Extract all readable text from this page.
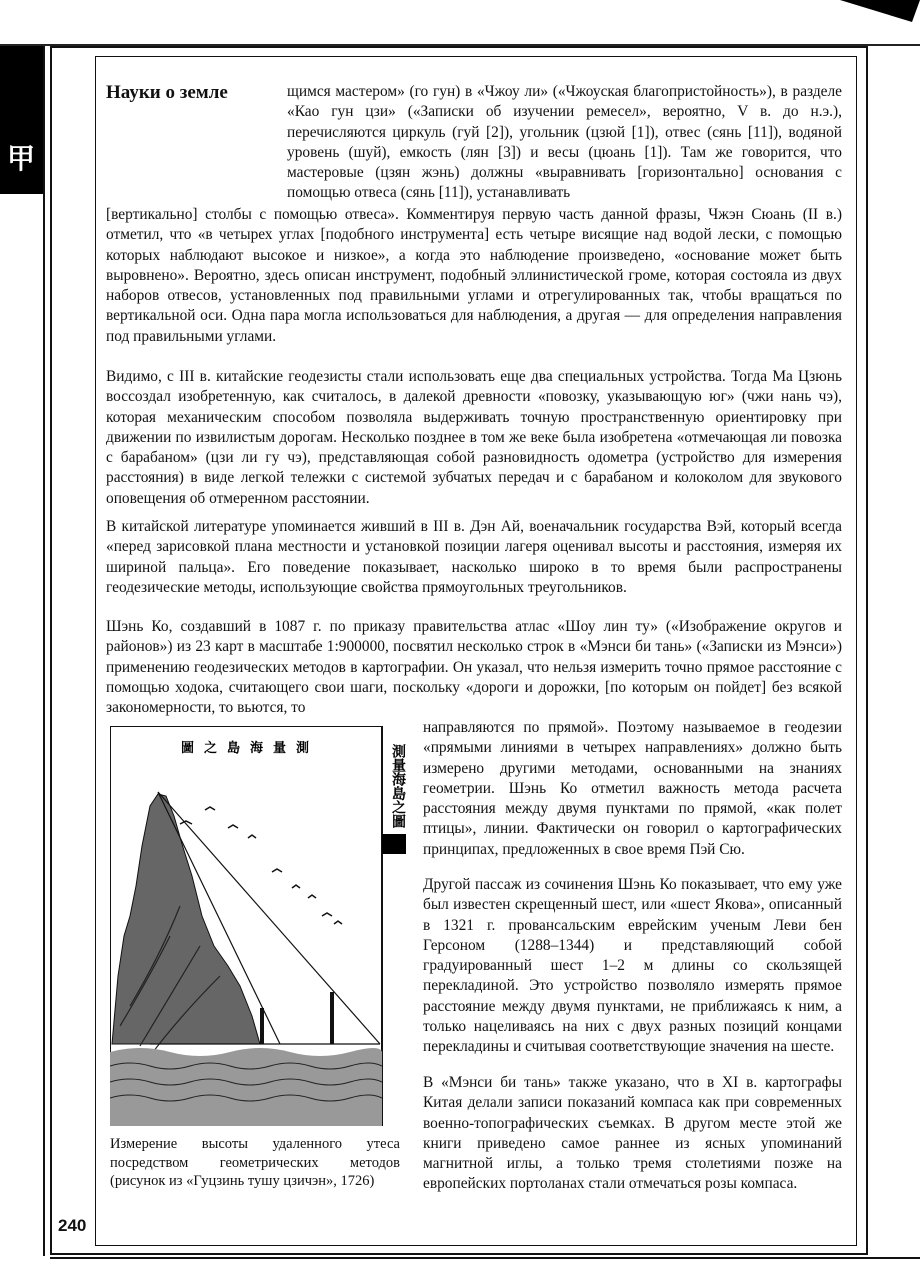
甲
240
Науки о земле	щимся мастером» (го гун) в «Чжоу ли» («Чжоуская благопристойность»), в разделе «Као гун цзи» («Записки об изучении ремесел», вероятно, V в. до н.э.), перечисляются циркуль (гуй [2]), угольник (цзюй [1]), отвес (сянь [11]), водяной уровень (шуй), емкость (лян [3]) и весы (цюань [1]). Там же говорится, что мастеровые (цзян жэнь) должны «выравнивать [горизонтально] основания с помощью отвеса (сянь [11]), устанавливать

[вертикально] столбы с помощью отвеса». Комментируя первую часть данной фразы, Чжэн Сюань (II в.) отметил, что «в четырех углах [подобного инструмента] есть четыре висящие над водой лески, с помощью которых наблюдают высокое и низкое», а когда это наблюдение произведено, «основание может быть выровнено». Вероятно, здесь описан инструмент, подобный эллинистической громе, которая состояла из двух наборов отвесов, установленных под правильными углами и отрегулированных так, чтобы вращаться по вертикальной оси. Одна пара могла использоваться для наблюдения, а другая — для определения направления под правильными углами.

Видимо, с III в. китайские геодезисты стали использовать еще два специальных устройства. Тогда Ма Цзюнь воссоздал изобретенную, как считалось, в далекой древности «повозку, указывающую юг» (чжи нань чэ), которая механическим способом позволяла выдерживать точную пространственную ориентировку при движении по извилистым дорогам. Несколько позднее в том же веке была изобретена «отмечающая ли повозка с барабаном» (цзи ли гу чэ), представляющая собой разновидность одометра (устройство для измерения расстояния) в виде легкой тележки с системой зубчатых передач и с барабаном и колоколом для звукового оповещения об отмеренном расстоянии.

В китайской литературе упоминается живший в III в. Дэн Ай, военачальник государства Вэй, который всегда «перед зарисовкой плана местности и установкой позиции лагеря оценивал высоты и расстояния, измеряя их шириной пальца». Его поведение показывает, насколько широко в то время были распространены геодезические методы, использующие свойства прямоугольных треугольников.

Шэнь Ко, создавший в 1087 г. по приказу правительства атлас «Шоу лин ту» («Изображение округов и районов») из 23 карт в масштабе 1:900000, посвятил несколько строк в «Мэнси би тань» («Записки из Мэнси») применению геодезических методов в картографии. Он указал, что нельзя измерить точно прямое расстояние с помощью ходока, считающего свои шаги, поскольку «дороги и дорожки, [по которым он пойдет] без всякой закономерности, то вьются, то

направляются по прямой». Поэтому называемое в геодезии «прямыми линиями в четырех направлениях» должно быть измерено другими методами, основанными на знаниях геометрии. Шэнь Ко отметил важность метода расчета расстояния между двумя пунктами по прямой, «как полет птицы», линии. Фактически он говорил о картографических принципах, предложенных в свое время Пэй Сю.

Другой пассаж из сочинения Шэнь Ко показывает, что ему уже был известен скрещенный шест, или «шест Якова», описанный в 1321 г. провансальским еврейским ученым Леви бен Герсоном (1288–1344) и представляющий собой градуированный шест 1–2 м длины со скользящей перекладиной. Это устройство позволяло измерять прямое расстояние между двумя пунктами, не приближаясь к ним, а только нацеливаясь на них с двух разных позиций концами перекладины и считывая соответствующие значения на шесте.

В «Мэнси би тань» также указано, что в XI в. картографы Китая делали записи показаний компаса как при современных военно-топографических съемках. В другом месте этой же книги приведено самое раннее из ясных упоминаний магнитной иглы, а только тремя столетиями позже на европейских портоланах стали отмечаться розы компаса.

圖之島海量測	測量海島之圖

Измерение высоты удаленного утеса посредством геометрических методов (рисунок из «Гуцзинь тушу цзичэн», 1726)
